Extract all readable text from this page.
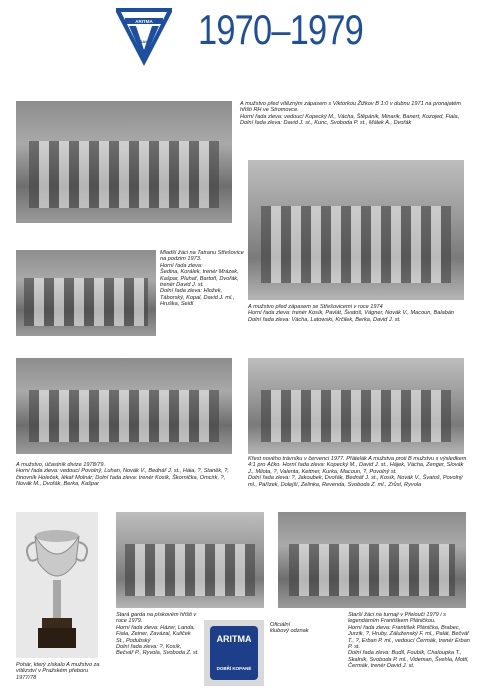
ARITMA
PRAHA	1970–1979

A mužstvo před vítězným zápasem s Viktorkou Žižkov B 1:0 v dubnu 1971 na pronajatém hřišti RH ve Stromovce.

Horní řada zleva: vedoucí Kopecký M., Vácha, Štěpánik, Minarik, Banert, Kozojed, Fiala,

Dolní řada zleva: David J. st., Kunc, Svoboda P. st., Málek A., Dvořák

A mužstvo před zápasem se Střešovicemi v roce 1974

Horní řada zleva: trenér Kosík, Pavlát, Švatoš, Vágner, Novák V., Macoun, Balabán

Dolní řada zleva: Vácha, Latowski, Krčilek, Berka, David J. st.

Mladší žáci na Tatranu Střešovice na podzim 1973.

Horní řada zleva:

Šedina, Korálek, trenér Mrázek, Kašpar, Pluhař, Bartoň, Dvořák, trenér David J. st.

Dolní řada zleva: Hložek, Táborský, Kopal, David J. ml., Hruška, Seidl

A mužstvo, účastník divize 1978/79.

Horní řada zleva: vedoucí Povolný, Luhan, Novák V., Bednář J. st., Háia, ?, Staněk, ?, činovník Holeček, lékař Molnár; Dolní řada zleva: trenér Kosík, Škornička, Omcirk, ?, Novák M., Dvořák, Berka, Kašpar

Křest nového trávníku v červenci 1977. Přátelák A mužstva proti B mužstvu s výsledkem 4:1 pro Áčko. Horní řada zleva: Kopecký M., David J. st., Hájek, Vácha, Zenger, Slovák J., Milota, ?, Valenta, Kettner, Kurka, Macoun, ?, Povolný st.

Dolní řada zleva: ?, Jakoubek, Dvořák, Bednář J. st., Kosík, Novák V., Švatoš, Povolný ml., Pařízek, Dolejší, Zelinka, Revenda, Svoboda Z. ml., Zrůst, Ryvola

Pohár, který získalo A mužstvo za vítězství v Pražském přeboru 1977/78

Stará garda na pískovém hřišti v roce 1979.

Horní řada zleva: Házer, Landa, Fiala, Zeiner, Zavázal, Kuliček St., Podubský

Dolní řada zleva: ?, Kosík, Bečvář P., Ryvola, Svoboda Z. st.

ARITMA
DOBŘÍ KOPANÉ

Oficiální klubový odznak

Starší žáci na turnaji v Přelouči 1979 i s legendárním Františkem Pláničkou.

Horní řada zleva: František Plánička, Brabec, Jurzik, ?, Hruby, Záluženský F. ml., Palát, Bečvář T., ?, Erban P. ml., vedoucí Čermák, trenér Erban P. st.

Dolní řada zleva: Budil, Foubík, Chaloupka T., Skalník, Svoboda P. ml., Videman, Švehla, Mottl, Čermák, trenér David J. st.
